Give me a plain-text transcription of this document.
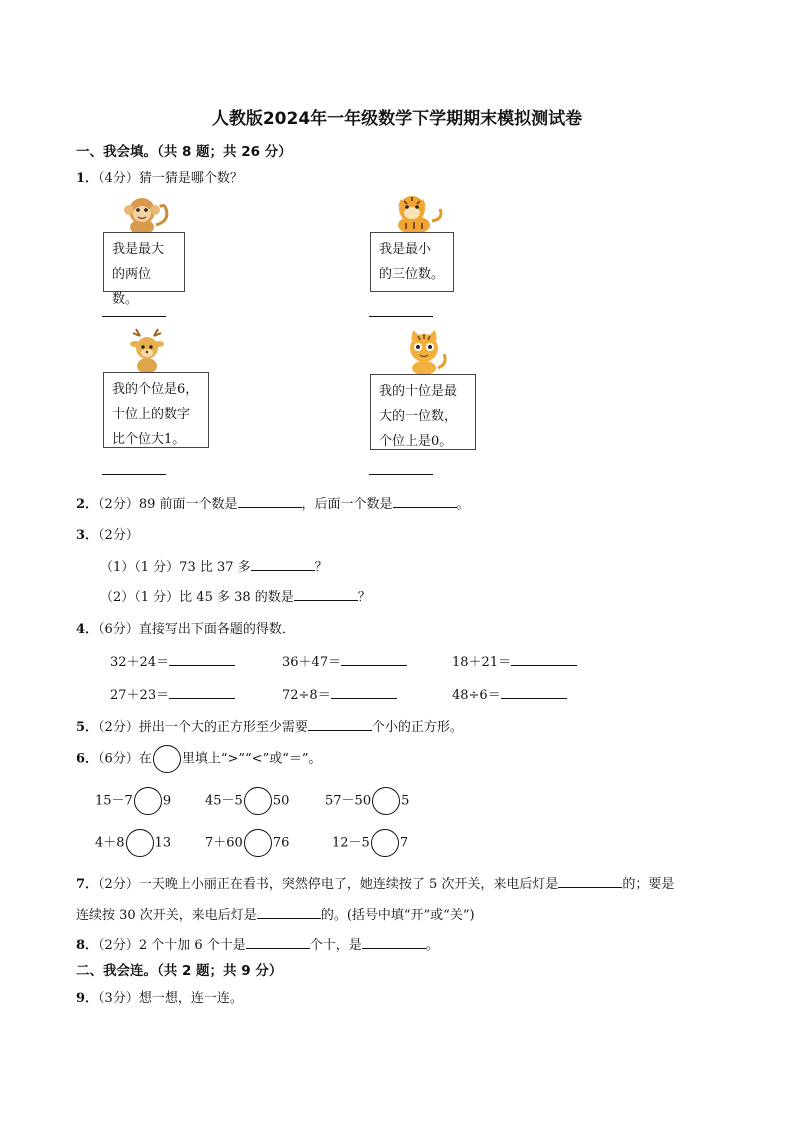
人教版2024年一年级数学下学期期末模拟测试卷
一、我会填。（共 8 题；共 26 分）
1．（4分）猜一猜是哪个数？
我是最大
的两位数。
我是最小
的三位数。
我的个位是6，
十位上的数字
比个位大1。
我的十位是最
大的一位数，
个位上是0。
2．（2分）89 前面一个数是	，后面一个数是	。
3．（2分）
（1）（1 分）73 比 37 多	？
（2）（1 分）比 45 多 38 的数是	？
4．（6分）直接写出下面各题的得数．
32＋24＝	36＋47＝	18＋21＝
27＋23＝	72÷8＝	48÷6＝
5．（2分）拼出一个大的正方形至少需要	个小的正方形。
6．（6分）在 里填上“>”“<”或“＝”。
15－7 9	45－5 50	57－50 5
4＋8 13	7＋60 76	12－5 7
7．（2分）一天晚上小丽正在看书，突然停电了，她连续按了 5 次开关，来电后灯是	的；要是
连续按 30 次开关，来电后灯是	的。(括号中填“开”或“关”)
8．（2分）2 个十加 6 个十是	个十，是	。
二、我会连。（共 2 题；共 9 分）
9．（3分）想一想，连一连。
